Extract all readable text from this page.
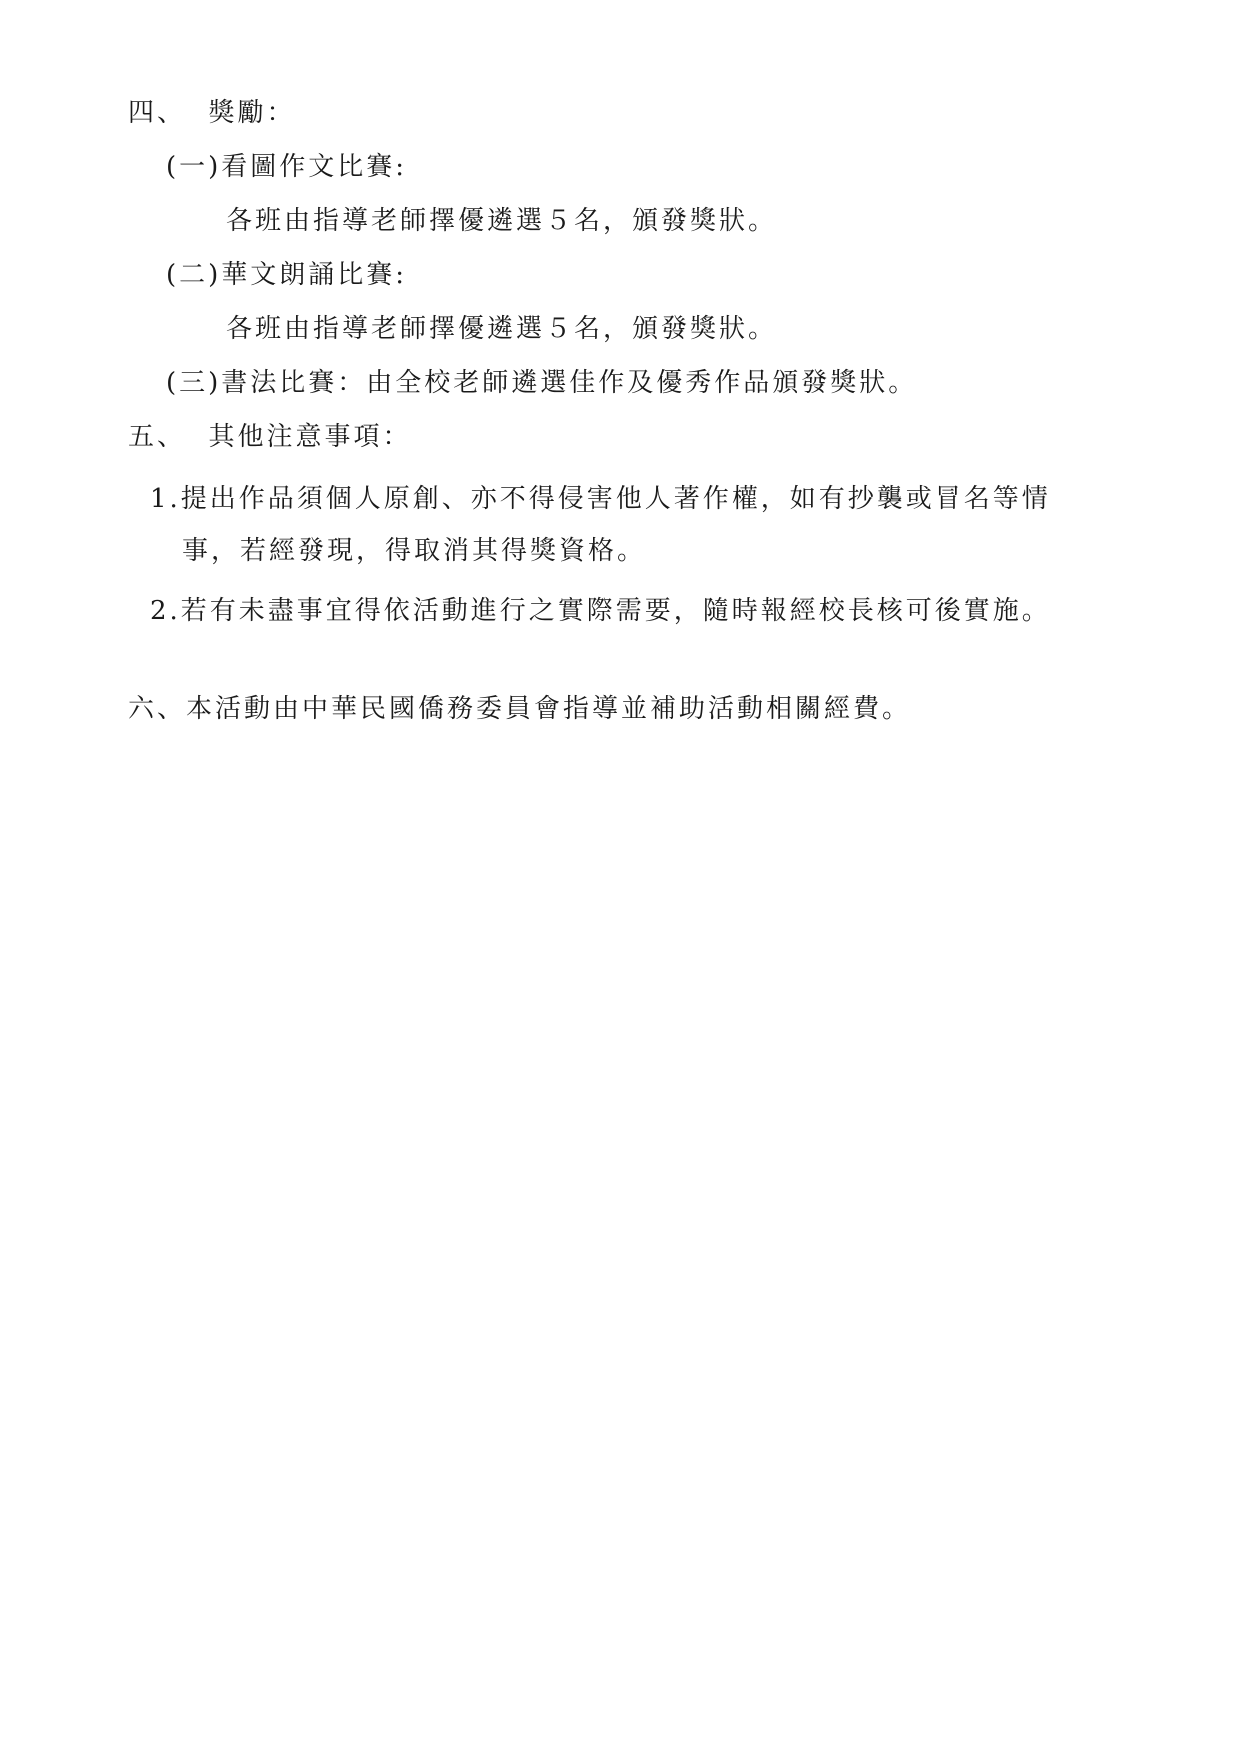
四、  獎勵：
(一)看圖作文比賽:
各班由指導老師擇優遴選５名，頒發獎狀。
(二)華文朗誦比賽:
各班由指導老師擇優遴選５名，頒發獎狀。
(三)書法比賽：由全校老師遴選佳作及優秀作品頒發獎狀。
五、  其他注意事項：
1.提出作品須個人原創、亦不得侵害他人著作權，如有抄襲或冒名等情
事，若經發現，得取消其得獎資格。
2.若有未盡事宜得依活動進行之實際需要，隨時報經校長核可後實施。
六、本活動由中華民國僑務委員會指導並補助活動相關經費。
